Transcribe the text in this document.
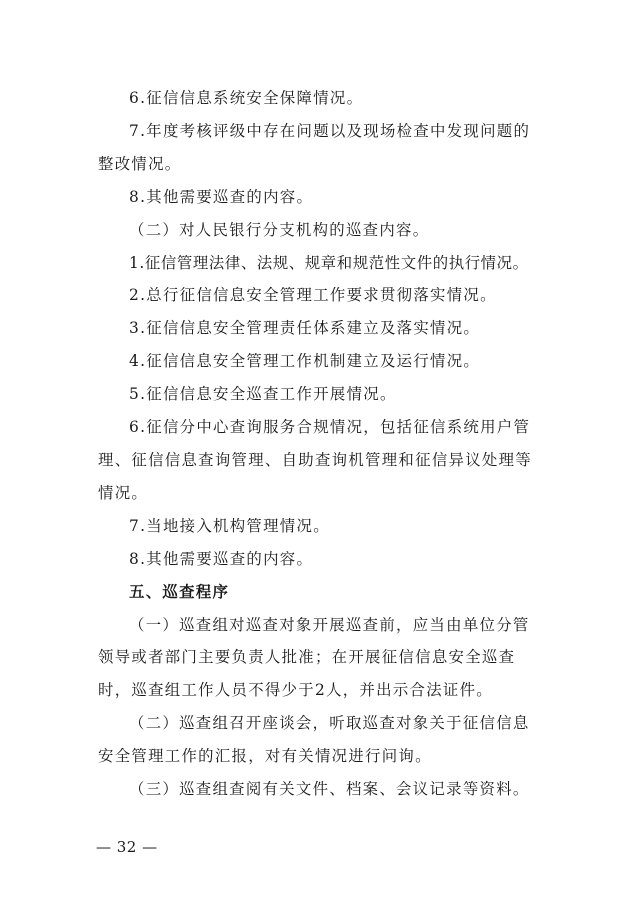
6.征信信息系统安全保障情况。

7.年度考核评级中存在问题以及现场检查中发现问题的整改情况。

8.其他需要巡查的内容。

（二）对人民银行分支机构的巡查内容。

1.征信管理法律、法规、规章和规范性文件的执行情况。

2.总行征信信息安全管理工作要求贯彻落实情况。

3.征信信息安全管理责任体系建立及落实情况。

4.征信信息安全管理工作机制建立及运行情况。

5.征信信息安全巡查工作开展情况。

6.征信分中心查询服务合规情况，包括征信系统用户管理、征信信息查询管理、自助查询机管理和征信异议处理等情况。

7.当地接入机构管理情况。

8.其他需要巡查的内容。

五、巡查程序

（一）巡查组对巡查对象开展巡查前，应当由单位分管领导或者部门主要负责人批准；在开展征信信息安全巡查时，巡查组工作人员不得少于2人，并出示合法证件。

（二）巡查组召开座谈会，听取巡查对象关于征信信息安全管理工作的汇报，对有关情况进行问询。

（三）巡查组查阅有关文件、档案、会议记录等资料。

— 32 —
